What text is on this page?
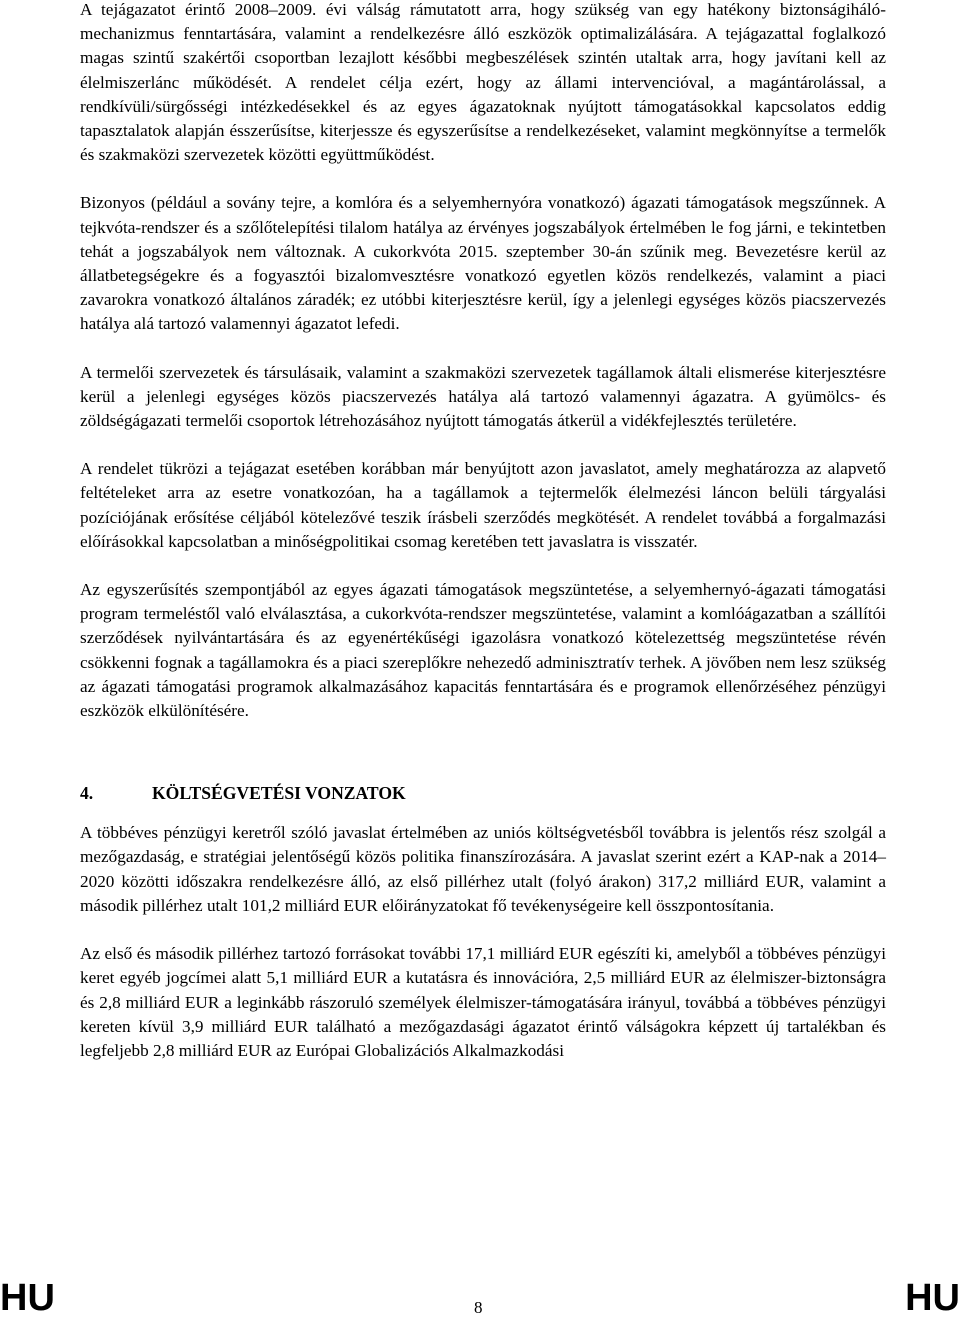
A tejágazatot érintő 2008–2009. évi válság rámutatott arra, hogy szükség van egy hatékony biztonságiháló-mechanizmus fenntartására, valamint a rendelkezésre álló eszközök optimalizálására. A tejágazattal foglalkozó magas szintű szakértői csoportban lezajlott későbbi megbeszélések szintén utaltak arra, hogy javítani kell az élelmiszerlánc működését. A rendelet célja ezért, hogy az állami intervencióval, a magántárolással, a rendkívüli/sürgősségi intézkedésekkel és az egyes ágazatoknak nyújtott támogatásokkal kapcsolatos eddig tapasztalatok alapján ésszerűsítse, kiterjessze és egyszerűsítse a rendelkezéseket, valamint megkönnyítse a termelők és szakmaközi szervezetek közötti együttműködést.

Bizonyos (például a sovány tejre, a komlóra és a selyemhernyóra vonatkozó) ágazati támogatások megszűnnek. A tejkvóta-rendszer és a szőlőtelepítési tilalom hatálya az érvényes jogszabályok értelmében le fog járni, e tekintetben tehát a jogszabályok nem változnak. A cukorkvóta 2015. szeptember 30-án szűnik meg. Bevezetésre kerül az állatbetegségekre és a fogyasztói bizalomvesztésre vonatkozó egyetlen közös rendelkezés, valamint a piaci zavarokra vonatkozó általános záradék; ez utóbbi kiterjesztésre kerül, így a jelenlegi egységes közös piacszervezés hatálya alá tartozó valamennyi ágazatot lefedi.

A termelői szervezetek és társulásaik, valamint a szakmaközi szervezetek tagállamok általi elismerése kiterjesztésre kerül a jelenlegi egységes közös piacszervezés hatálya alá tartozó valamennyi ágazatra. A gyümölcs- és zöldségágazati termelői csoportok létrehozásához nyújtott támogatás átkerül a vidékfejlesztés területére.

A rendelet tükrözi a tejágazat esetében korábban már benyújtott azon javaslatot, amely meghatározza az alapvető feltételeket arra az esetre vonatkozóan, ha a tagállamok a tejtermelők élelmezési láncon belüli tárgyalási pozíciójának erősítése céljából kötelezővé teszik írásbeli szerződés megkötését. A rendelet továbbá a forgalmazási előírásokkal kapcsolatban a minőségpolitikai csomag keretében tett javaslatra is visszatér.

Az egyszerűsítés szempontjából az egyes ágazati támogatások megszüntetése, a selyemhernyó-ágazati támogatási program termeléstől való elválasztása, a cukorkvóta-rendszer megszüntetése, valamint a komlóágazatban a szállítói szerződések nyilvántartására és az egyenértékűségi igazolásra vonatkozó kötelezettség megszüntetése révén csökkenni fognak a tagállamokra és a piaci szereplőkre nehezedő adminisztratív terhek. A jövőben nem lesz szükség az ágazati támogatási programok alkalmazásához kapacitás fenntartására és e programok ellenőrzéséhez pénzügyi eszközök elkülönítésére.

4.	KÖLTSÉGVETÉSI VONZATOK

A többéves pénzügyi keretről szóló javaslat értelmében az uniós költségvetésből továbbra is jelentős rész szolgál a mezőgazdaság, e stratégiai jelentőségű közös politika finanszírozására. A javaslat szerint ezért a KAP-nak a 2014–2020 közötti időszakra rendelkezésre álló, az első pillérhez utalt (folyó árakon) 317,2 milliárd EUR, valamint a második pillérhez utalt 101,2 milliárd EUR előirányzatokat fő tevékenységeire kell összpontosítania.

Az első és második pillérhez tartozó forrásokat további 17,1 milliárd EUR egészíti ki, amelyből a többéves pénzügyi keret egyéb jogcímei alatt 5,1 milliárd EUR a kutatásra és innovációra, 2,5 milliárd EUR az élelmiszer-biztonságra és 2,8 milliárd EUR a leginkább rászoruló személyek élelmiszer-támogatására irányul, továbbá a többéves pénzügyi kereten kívül 3,9 milliárd EUR található a mezőgazdasági ágazatot érintő válságokra képzett új tartalékban és legfeljebb 2,8 milliárd EUR az Európai Globalizációs Alkalmazkodási

HU	8	HU
